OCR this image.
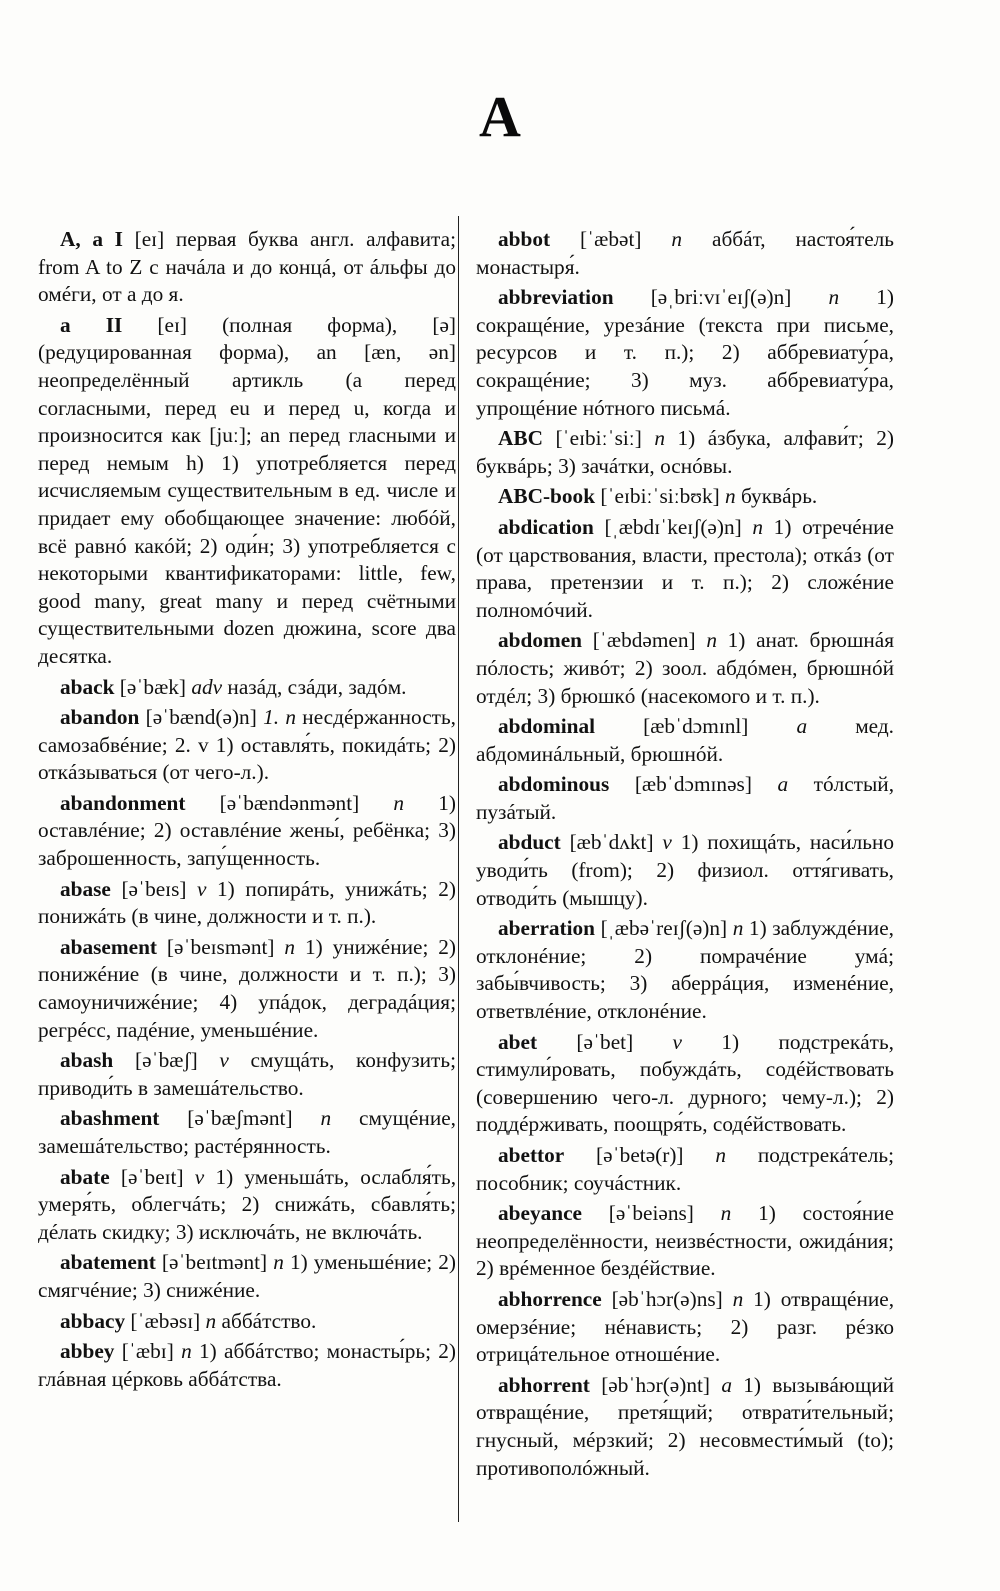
A

A, a I [eɪ] первая буква англ. алфавита; from A to Z с начáла и до концá, от áльфы до омéги, от а до я.

a II [eɪ] (полная форма), [ə] (редуцированная форма), an [æn, ən] неопределённый артикль (а перед согласными, перед eu и перед u, когда и произносится как [juː]; an перед гласными и перед немым h) 1) употребляется перед исчисляемым существительным в ед. числе и придает ему обобщающее значение: любóй, всё равнó какóй; 2) оди́н; 3) употребляется с некоторыми квантификаторами: little, few, good many, great many и перед счётными существительными dozen дюжина, score два десятка.

aback [əˈbæk] adv назáд, сзáди, задóм.

abandon [əˈbænd(ə)n] 1. n несдéржанность, самозабвéние; 2. v 1) оставля́ть, покидáть; 2) откáзываться (от чего-л.).

abandonment [əˈbændənmənt] n 1) оставлéние; 2) оставлéние жены́, ребёнка; 3) заброшенность, запу́щенность.

abase [əˈbeɪs] v 1) попирáть, унижáть; 2) понижáть (в чине, должности и т. п.).

abasement [əˈbeɪsmənt] n 1) унижéние; 2) понижéние (в чине, должности и т. п.); 3) самоуничижéние; 4) упáдок, деградáция; регрéсс, падéние, уменьшéние.

abash [əˈbæʃ] v смущáть, конфузить; приводи́ть в замешáтельство.

abashment [əˈbæʃmənt] n смущéние, замешáтельство; растéрянность.

abate [əˈbeɪt] v 1) уменьшáть, ослабля́ть, умеря́ть, облегчáть; 2) снижáть, сбавля́ть; дéлать скидку; 3) исключáть, не включáть.

abatement [əˈbeɪtmənt] n 1) уменьшéние; 2) смягчéние; 3) снижéние.

abbacy [ˈæbəsɪ] n аббáтство.

abbey [ˈæbɪ] n 1) аббáтство; монасты́рь; 2) глáвная цéрковь аббáтства.

abbot [ˈæbət] n аббáт, настоя́тель монастыря́.

abbreviation [əˌbriːvɪˈeɪʃ(ə)n] n 1) сокращéние, урезáние (текста при письме, ресурсов и т. п.); 2) аббревиату́ра, сокращéние; 3) муз. аббревиату́ра, упрощéние нóтного письмá.

ABC [ˈeɪbiːˈsiː] n 1) áзбука, алфави́т; 2) буквáрь; 3) зачáтки, оснóвы.

ABC-book [ˈeɪbiːˈsiːbʊk] n буквáрь.

abdication [ˌæbdɪˈkeɪʃ(ə)n] n 1) отречéние (от царствования, власти, престола); откáз (от права, претензии и т. п.); 2) сложéние полномóчий.

abdomen [ˈæbdəmen] n 1) анат. брюшнáя пóлость; живóт; 2) зоол. абдóмен, брюшнóй отдéл; 3) брюшкó (насекомого и т. п.).

abdominal [æbˈdɔmɪnl] a мед. абдоминáльный, брюшнóй.

abdominous [æbˈdɔmɪnəs] a тóлстый, пузáтый.

abduct [æbˈdʌkt] v 1) похищáть, наси́льно уводи́ть (from); 2) физиол. оття́гивать, отводи́ть (мышцу).

aberration [ˌæbəˈreɪʃ(ə)n] n 1) заблуждéние, отклонéние; 2) помрачéние умá; забы́вчивость; 3) аберрáция, изменéние, ответвлéние, отклонéние.

abet [əˈbet] v 1) подстрекáть, стимули́ровать, побуждáть, содéйствовать (совершению чего-л. дурного; чему-л.); 2) поддéрживать, поощря́ть, содéйствовать.

abettor [əˈbetə(r)] n подстрекáтель; пособник; соучáстник.

abeyance [əˈbeiəns] n 1) состоя́ние неопределённости, неизвéстности, ожидáния; 2) врéменное бездéйствие.

abhorrence [əbˈhɔr(ə)ns] п 1) отвращéние, омерзéние; нéнависть; 2) разг. рéзко отрицáтельное отношéние.

abhorrent [əbˈhɔr(ə)nt] a 1) вызывáющий отвращéние, претя́щий; отврати́тельный; гнусный, мéрзкий; 2) несовмести́мый (to); противополóжный.
